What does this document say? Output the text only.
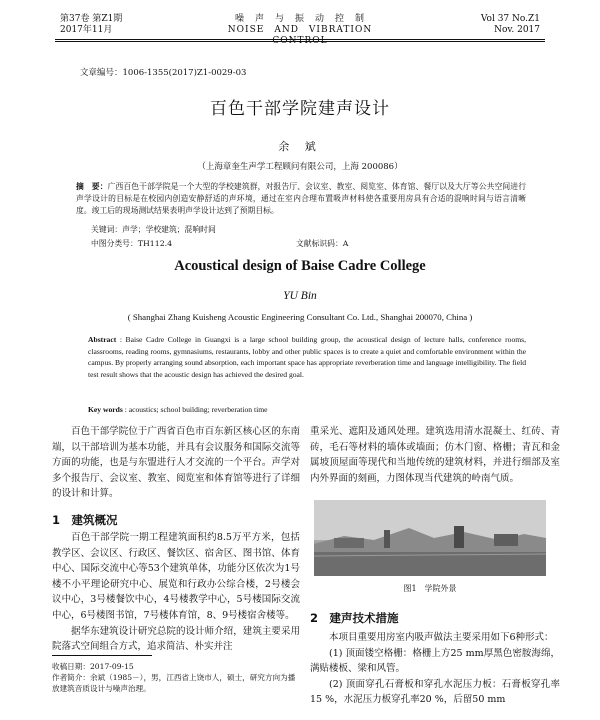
第37卷 第Z1期
2017年11月
噪　声　与　振　动　控　制
NOISE　AND　VIBRATION　CONTROL
Vol 37 No.Z1
Nov. 2017
文章编号：1006-1355(2017)Z1-0029-03
百色干部学院建声设计
余 斌
（上海章奎生声学工程顾问有限公司，上海 200086）
摘　要：广西百色干部学院是一个大型的学校建筑群，对报告厅、会议室、教室、阅览室、体育馆、餐厅以及大厅等公共空间进行声学设计的目标是在校园内创造安静舒适的声环境，通过在室内合理布置吸声材料使各重要用房具有合适的混响时间与语言清晰度。竣工后的现场测试结果表明声学设计达到了预期目标。
关键词：声学；学校建筑；混响时间
中图分类号：TH112.4	文献标识码：A
Acoustical design of Baise Cadre College
YU Bin
( Shanghai Zhang Kuisheng Acoustic Engineering Consultant Co. Ltd., Shanghai 200070, China )
Abstract : Baise Cadre College in Guangxi is a large school building group, the acoustical design of lecture halls, conference rooms, classrooms, reading rooms, gymnasiums, restaurants, lobby and other public spaces is to create a quiet and comfortable environment within the campus. By properly arranging sound absorption, each important space has appropriate reverberation time and language intelligibility. The field test result shows that the acoustic design has achieved the desired goal.
Key words : acoustics; school building; reverberation time
百色干部学院位于广西省百色市百东新区核心区的东南端，以干部培训为基本功能，并具有会议服务和国际交流等方面的功能，也是与东盟进行人才交流的一个平台。声学对多个报告厅、会议室、教室、阅览室和体育馆等进行了详细的设计和计算。
重采光、遮阳及通风处理。建筑选用清水混凝土、红砖、青砖，毛石等材料的墙体或墙面；仿木门窗、格栅；青瓦和金属坡顶屋面等现代和当地传统的建筑材料，并进行细部及室内外界面的刻画，力图体现当代建筑的岭南气质。
图1　学院外景
1　建筑概况
百色干部学院一期工程建筑面积约8.5万平方米，包括教学区、会议区、行政区、餐饮区、宿舍区、图书馆、体育中心、国际交流中心等53个建筑单体，功能分区依次为1号楼不小平理论研究中心、展览和行政办公综合楼，2号楼会议中心，3号楼餐饮中心，4号楼教学中心，5号楼国际交流中心，6号楼图书馆，7号楼体育馆，8、9号楼宿舍楼等。
据华东建筑设计研究总院的设计师介绍，建筑主要采用院落式空间组合方式，追求简洁、朴实并注
2　建声技术措施

本项目重要用房室内吸声做法主要采用如下6种形式：

(1) 顶面镂空格栅：格栅上方25 mm厚黑色密胺海绵，满贴楼板、梁和风管。

(2) 顶面穿孔石膏板和穿孔水泥压力板：石膏板穿孔率15 %，水泥压力板穿孔率20 %，后留50 mm

收稿日期：2017-09-15
作者简介：余斌（1985－），男，江西省上饶市人，硕士，研究方向为播放建筑音质设计与噪声治理。
